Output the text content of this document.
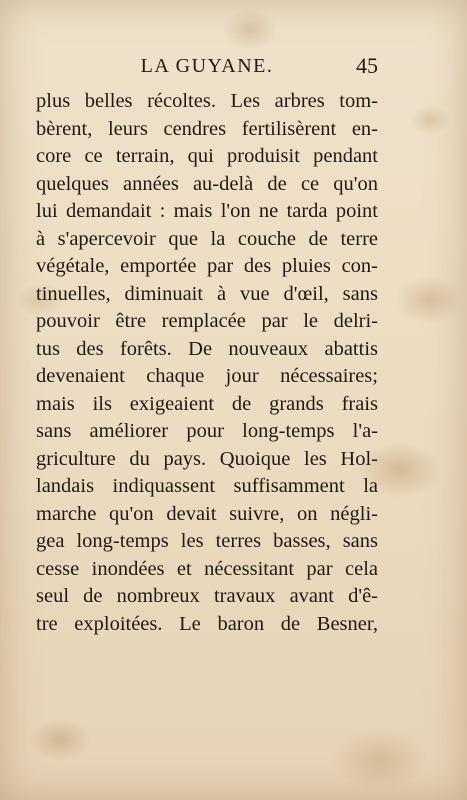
LA GUYANE.	45
plus belles récoltes. Les arbres tom-
bèrent, leurs cendres fertilisèrent en-
core ce terrain, qui produisit pendant
quelques années au-delà de ce qu'on
lui demandait : mais l'on ne tarda point
à s'apercevoir que la couche de terre
végétale, emportée par des pluies con-
tinuelles, diminuait à vue d'œil, sans
pouvoir être remplacée par le delri-
tus des forêts. De nouveaux abattis
devenaient chaque jour nécessaires;
mais ils exigeaient de grands frais
sans améliorer pour long-temps l'a-
griculture du pays. Quoique les Hol-
landais indiquassent suffisamment la
marche qu'on devait suivre, on négli-
gea long-temps les terres basses, sans
cesse inondées et nécessitant par cela
seul de nombreux travaux avant d'ê-
tre exploitées. Le baron de Besner,
